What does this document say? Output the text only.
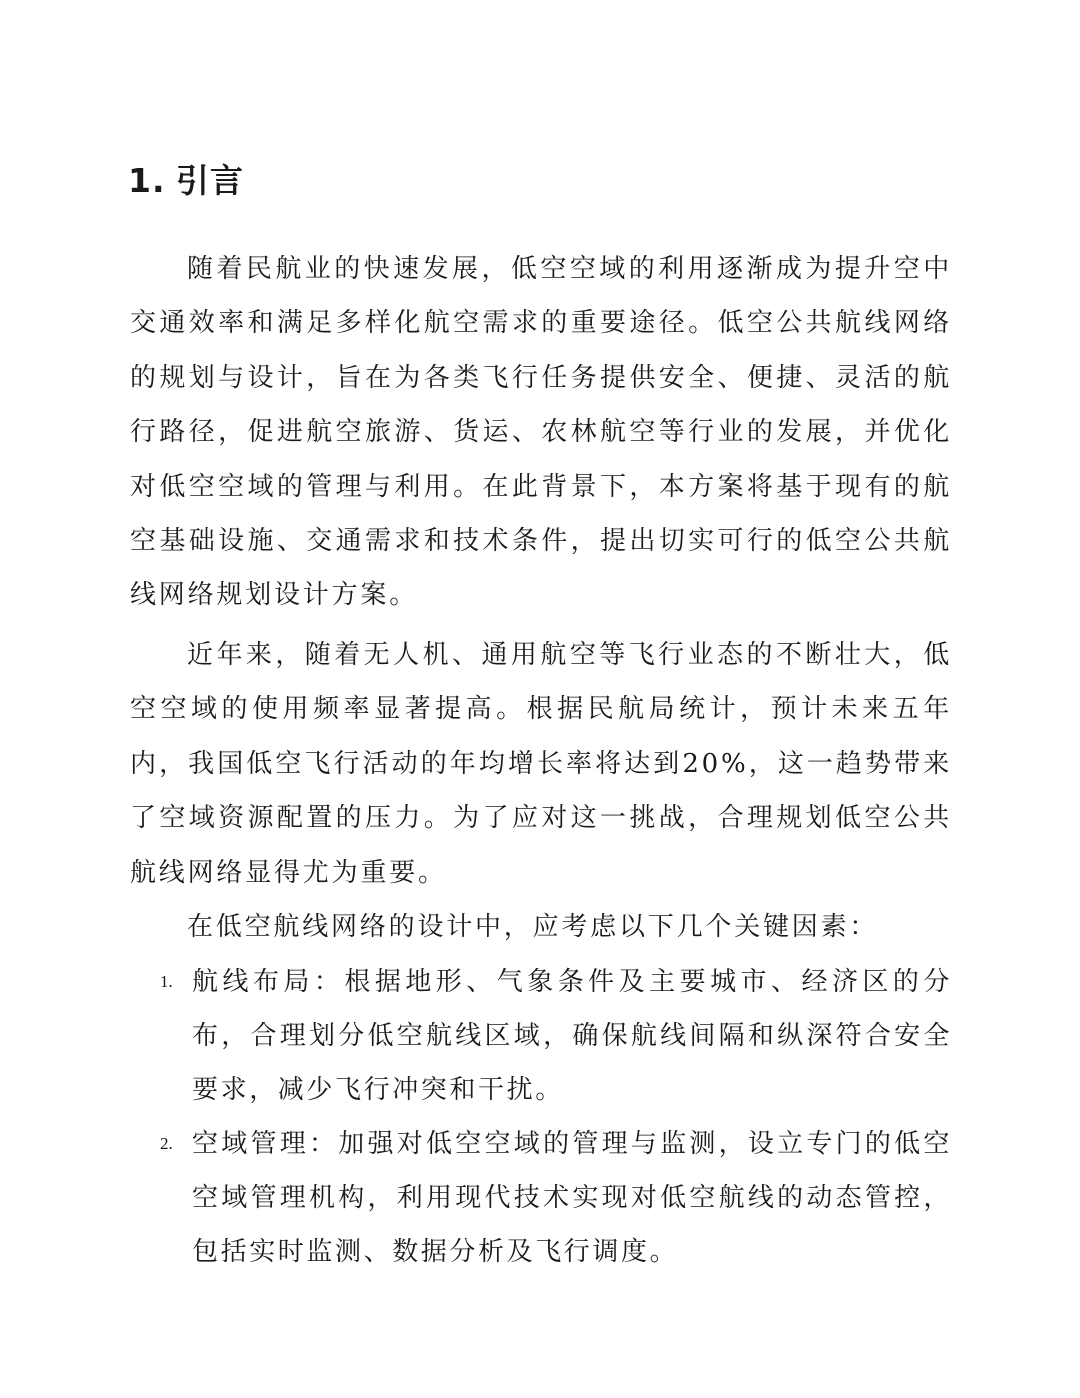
1. 引言

随着民航业的快速发展，低空空域的利用逐渐成为提升空中交通效率和满足多样化航空需求的重要途径。低空公共航线网络的规划与设计，旨在为各类飞行任务提供安全、便捷、灵活的航行路径，促进航空旅游、货运、农林航空等行业的发展，并优化对低空空域的管理与利用。在此背景下，本方案将基于现有的航空基础设施、交通需求和技术条件，提出切实可行的低空公共航线网络规划设计方案。

近年来，随着无人机、通用航空等飞行业态的不断壮大，低空空域的使用频率显著提高。根据民航局统计，预计未来五年内，我国低空飞行活动的年均增长率将达到20%，这一趋势带来了空域资源配置的压力。为了应对这一挑战，合理规划低空公共航线网络显得尤为重要。

在低空航线网络的设计中，应考虑以下几个关键因素：

1. 航线布局：根据地形、气象条件及主要城市、经济区的分布，合理划分低空航线区域，确保航线间隔和纵深符合安全要求，减少飞行冲突和干扰。
2. 空域管理：加强对低空空域的管理与监测，设立专门的低空空域管理机构，利用现代技术实现对低空航线的动态管控，包括实时监测、数据分析及飞行调度。
